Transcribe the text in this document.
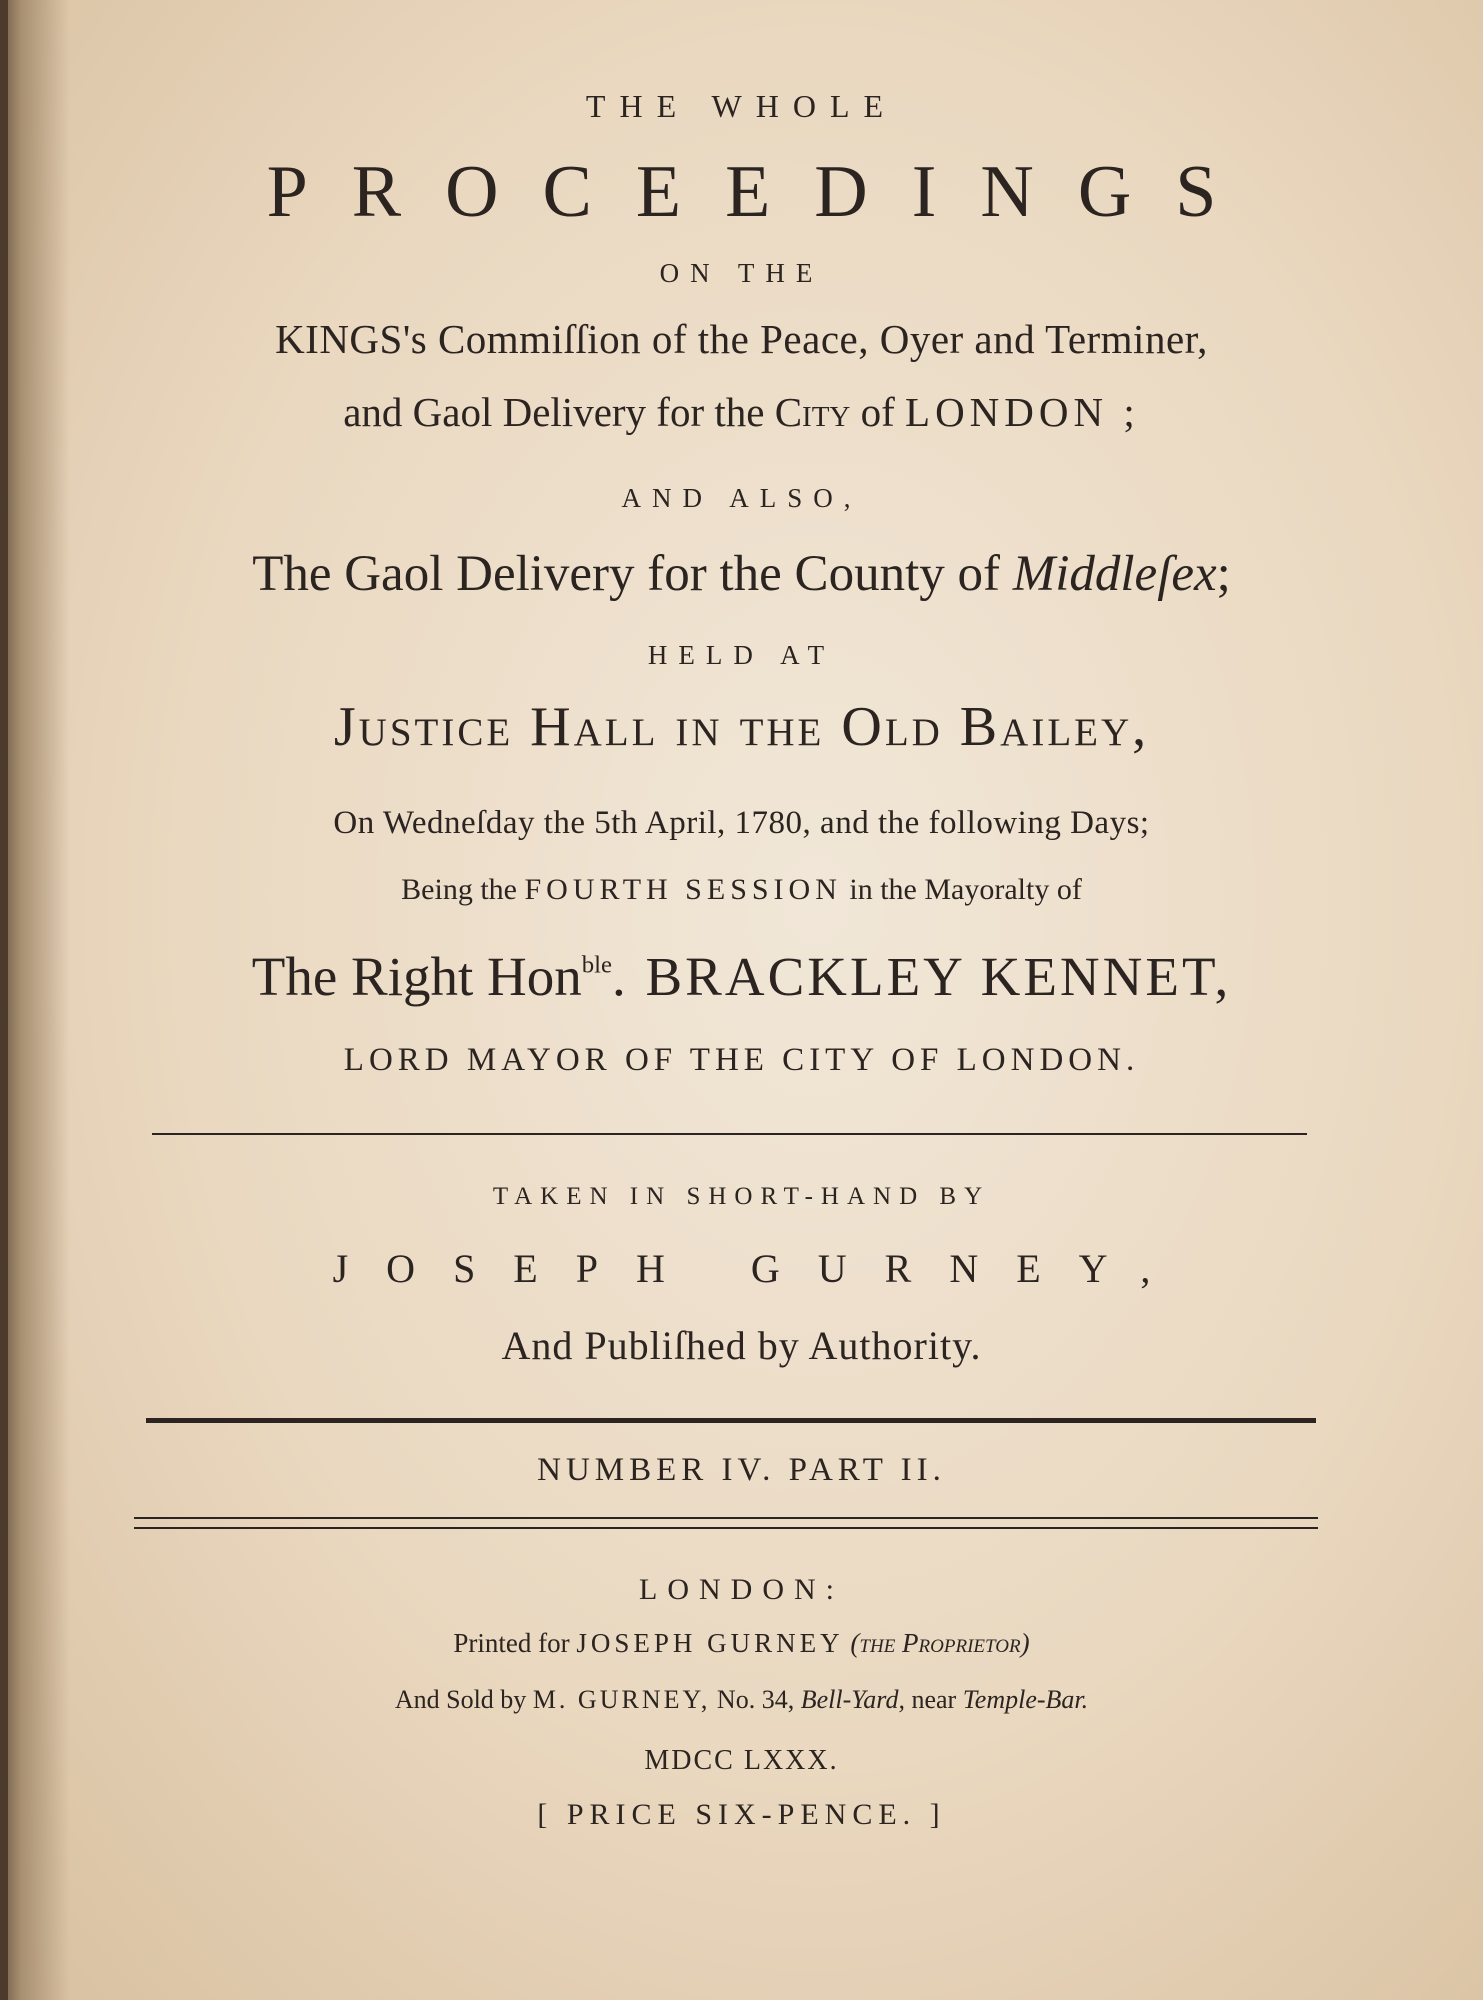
THE WHOLE
PROCEEDINGS
ON THE
KINGS's Commiſſion of the Peace, Oyer and Terminer,
and Gaol Delivery for the City of LONDON ;
AND ALSO,
The Gaol Delivery for the County of Middleſex;
HELD AT
Justice Hall in the Old Bailey,
On Wedneſday the 5th April, 1780, and the following Days;
Being the FOURTH SESSION in the Mayoralty of
The Right Hon$^{ble}$. BRACKLEY KENNET,
LORD MAYOR OF THE CITY OF LONDON.
TAKEN IN SHORT-HAND BY
JOSEPH GURNEY,
And Publiſhed by Authority.
NUMBER IV. PART II.
LONDON:
Printed for JOSEPH GURNEY (the Proprietor)
And Sold by M. GURNEY, No. 34, Bell-Yard, near Temple-Bar.
MDCC LXXX.
[ PRICE SIX-PENCE. ]
